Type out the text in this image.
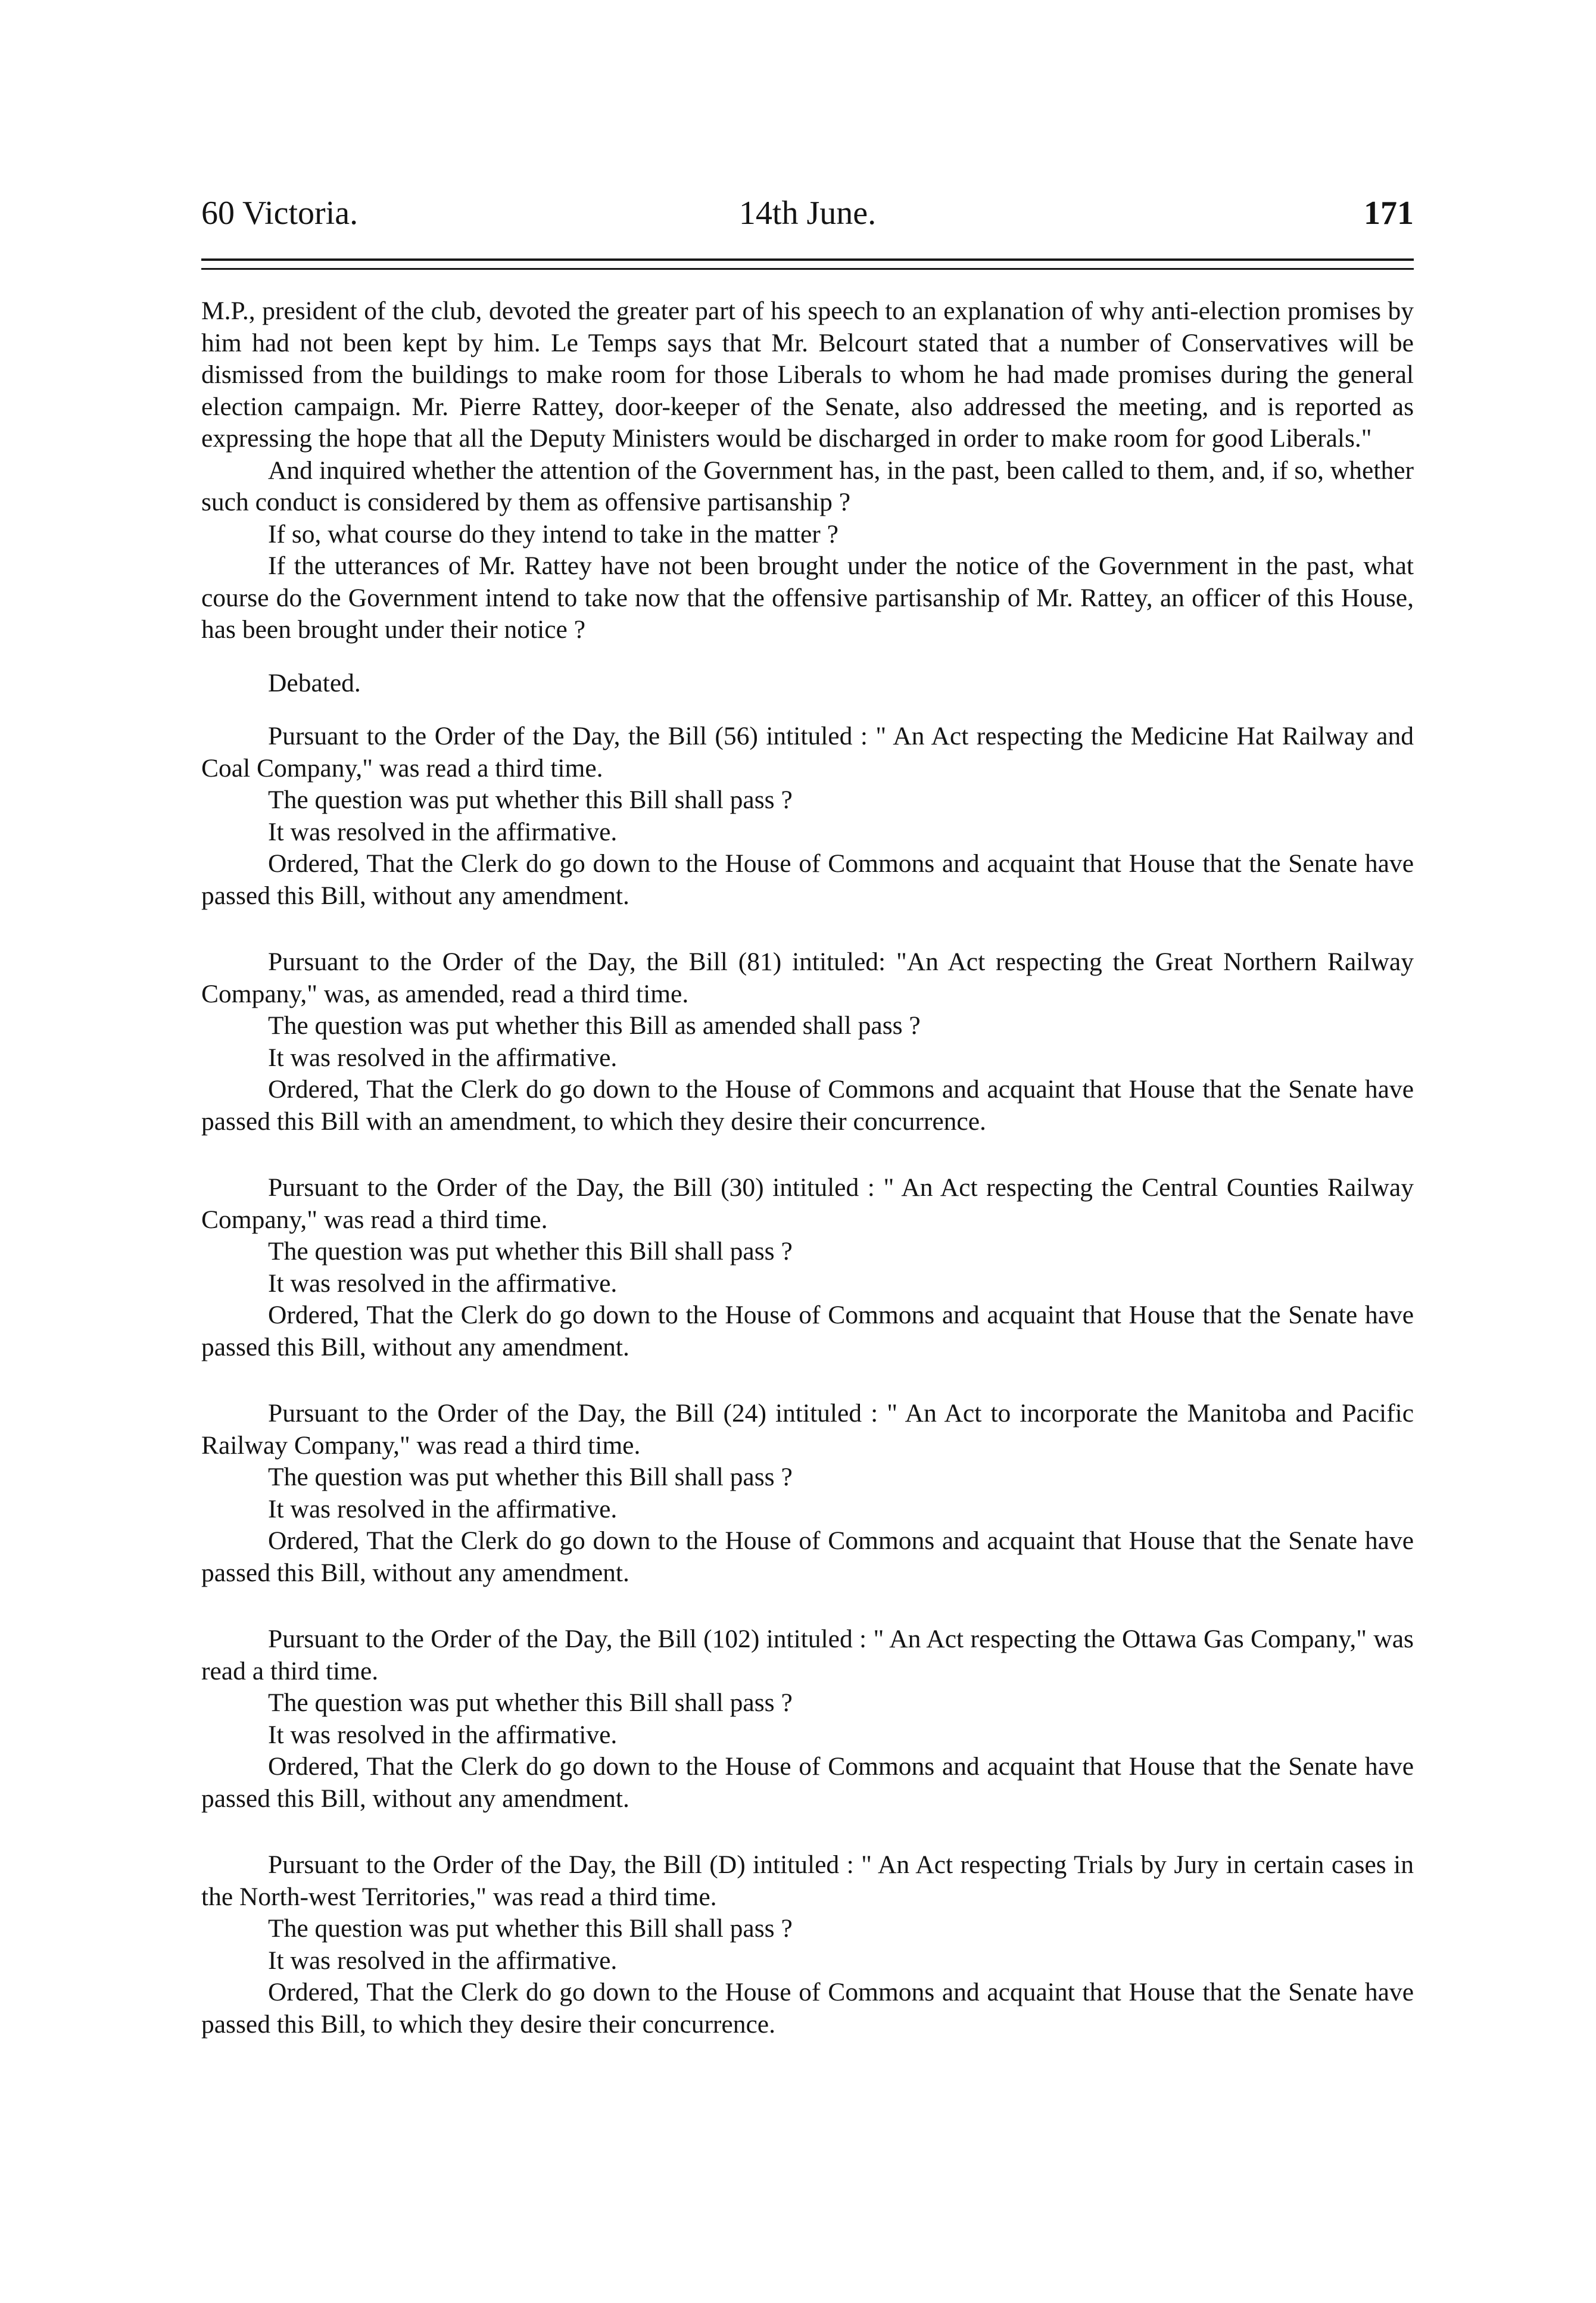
60 Victoria.	14th June.	171

M.P., president of the club, devoted the greater part of his speech to an explanation of why anti-election promises by him had not been kept by him. Le Temps says that Mr. Belcourt stated that a number of Conservatives will be dismissed from the buildings to make room for those Liberals to whom he had made promises during the general election campaign. Mr. Pierre Rattey, door-keeper of the Senate, also addressed the meeting, and is reported as expressing the hope that all the Deputy Ministers would be discharged in order to make room for good Liberals."

And inquired whether the attention of the Government has, in the past, been called to them, and, if so, whether such conduct is considered by them as offensive partisanship ?

If so, what course do they intend to take in the matter ?

If the utterances of Mr. Rattey have not been brought under the notice of the Government in the past, what course do the Government intend to take now that the offensive partisanship of Mr. Rattey, an officer of this House, has been brought under their notice ?

Debated.

Pursuant to the Order of the Day, the Bill (56) intituled : " An Act respecting the Medicine Hat Railway and Coal Company," was read a third time.

The question was put whether this Bill shall pass ?

It was resolved in the affirmative.

Ordered, That the Clerk do go down to the House of Commons and acquaint that House that the Senate have passed this Bill, without any amendment.

Pursuant to the Order of the Day, the Bill (81) intituled: "An Act respecting the Great Northern Railway Company," was, as amended, read a third time.

The question was put whether this Bill as amended shall pass ?

It was resolved in the affirmative.

Ordered, That the Clerk do go down to the House of Commons and acquaint that House that the Senate have passed this Bill with an amendment, to which they desire their concurrence.

Pursuant to the Order of the Day, the Bill (30) intituled : " An Act respecting the Central Counties Railway Company," was read a third time.

The question was put whether this Bill shall pass ?

It was resolved in the affirmative.

Ordered, That the Clerk do go down to the House of Commons and acquaint that House that the Senate have passed this Bill, without any amendment.

Pursuant to the Order of the Day, the Bill (24) intituled : " An Act to incorporate the Manitoba and Pacific Railway Company," was read a third time.

The question was put whether this Bill shall pass ?

It was resolved in the affirmative.

Ordered, That the Clerk do go down to the House of Commons and acquaint that House that the Senate have passed this Bill, without any amendment.

Pursuant to the Order of the Day, the Bill (102) intituled : " An Act respecting the Ottawa Gas Company," was read a third time.

The question was put whether this Bill shall pass ?

It was resolved in the affirmative.

Ordered, That the Clerk do go down to the House of Commons and acquaint that House that the Senate have passed this Bill, without any amendment.

Pursuant to the Order of the Day, the Bill (D) intituled : " An Act respecting Trials by Jury in certain cases in the North-west Territories," was read a third time.

The question was put whether this Bill shall pass ?

It was resolved in the affirmative.

Ordered, That the Clerk do go down to the House of Commons and acquaint that House that the Senate have passed this Bill, to which they desire their concurrence.
